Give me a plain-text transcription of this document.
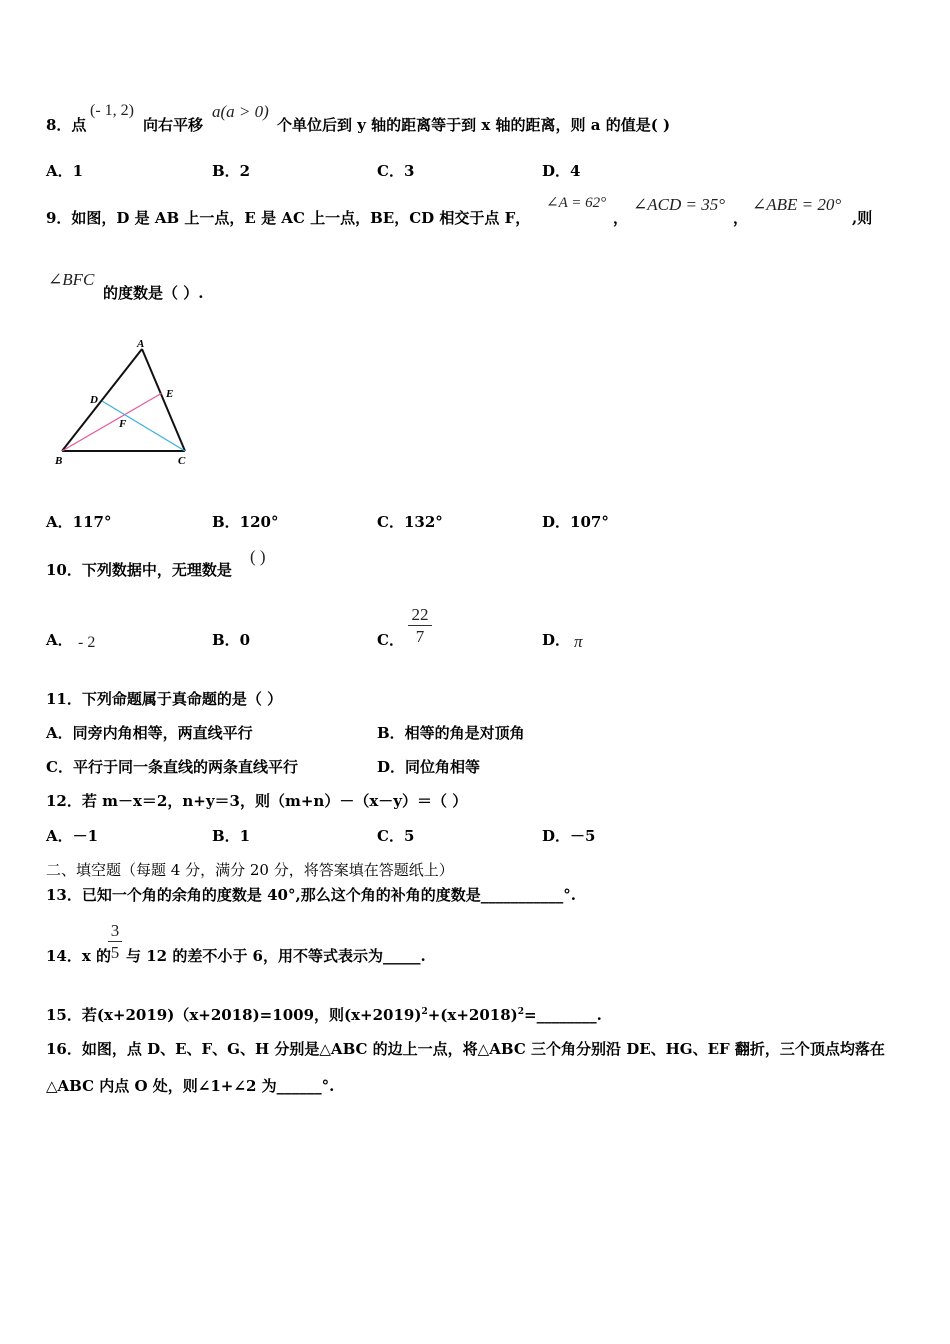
8．点
(- 1, 2)
向右平移
a(a > 0)
个单位后到 y 轴的距离等于到 x 轴的距离，则 a 的值是( )
A．1	B．2	C．3	D．4
9．如图，D 是 AB 上一点，E 是 AC 上一点，BE，CD 相交于点 F，
∠A = 62°
，
∠ACD = 35°
，
∠ABE = 20°
,则
∠BFC
的度数是（ ）.
A
B	C
D	E
F
A．117°	B．120°	C．132°	D．107°
10．下列数据中，无理数是
( )
A． - 2	B．0	C．
22
7	D． π
11．下列命题属于真命题的是（ ）
A．同旁内角相等，两直线平行	B．相等的角是对顶角
C．平行于同一条直线的两条直线平行	D．同位角相等
12．若 m－x＝2，n+y＝3，则（m+n）－（x－y）＝（ ）
A．－1	B．1	C．5	D．－5
二、填空题（每题 4 分，满分 20 分，将答案填在答题纸上）
13．已知一个角的余角的度数是 40°,那么这个角的补角的度数是___________°.
14．x 的
3
5 与 12 的差不小于 6，用不等式表示为_____.
15．若(x+2019)（x+2018)=1009，则$(x+2019)^2+(x+2018)^2=\_\_\_\_\_\_\_\_$.
16．如图，点 D、E、F、G、H 分别是△ABC 的边上一点，将△ABC 三个角分别沿 DE、HG、EF 翻折，三个顶点均落在
△ABC 内点 O 处，则∠1+∠2 为______°.
